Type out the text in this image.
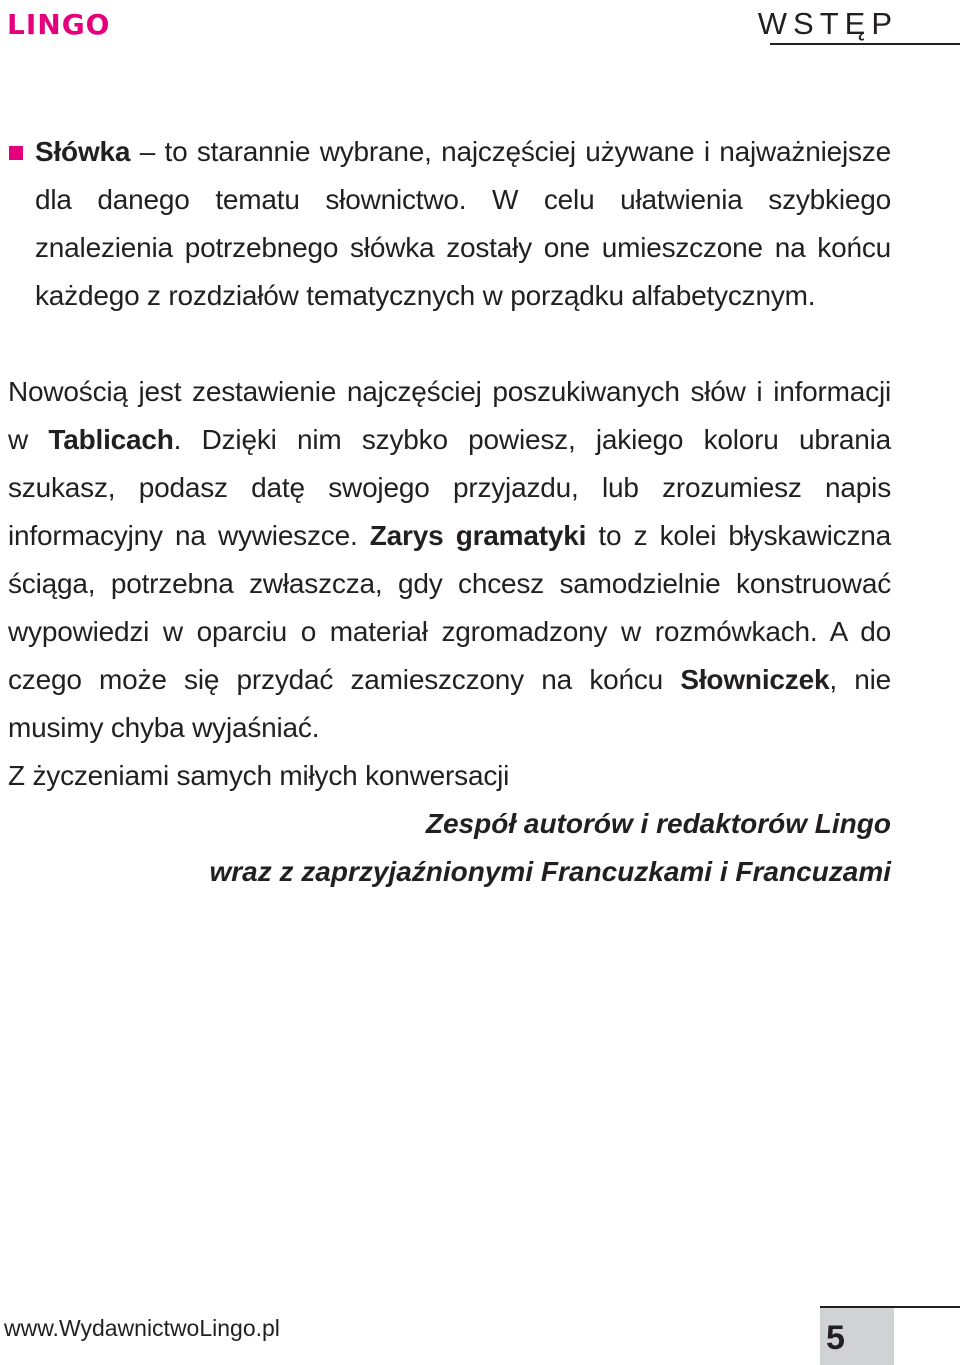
LINGO	WSTĘP

Słówka – to starannie wybrane, najczęściej używane i najważniejsze dla danego tematu słownictwo. W celu ułatwienia szybkiego znalezienia potrzebnego słówka zostały one umieszczone na końcu każdego z rozdziałów tematycznych w porządku alfabetycznym.

Nowością jest zestawienie najczęściej poszukiwanych słów i informacji w Tablicach. Dzięki nim szybko powiesz, jakiego koloru ubrania szukasz, podasz datę swojego przyjazdu, lub zrozumiesz napis informacyjny na wywieszce. Zarys gramatyki to z kolei błyskawiczna ściąga, potrzebna zwłaszcza, gdy chcesz samodzielnie konstruować wypowiedzi w oparciu o materiał zgromadzony w rozmówkach. A do czego może się przydać zamieszczony na końcu Słowniczek, nie musimy chyba wyjaśniać.

Z życzeniami samych miłych konwersacji

Zespół autorów i redaktorów Lingo
wraz z zaprzyjaźnionymi Francuzkami i Francuzami
www.WydawnictwoLingo.pl	5
